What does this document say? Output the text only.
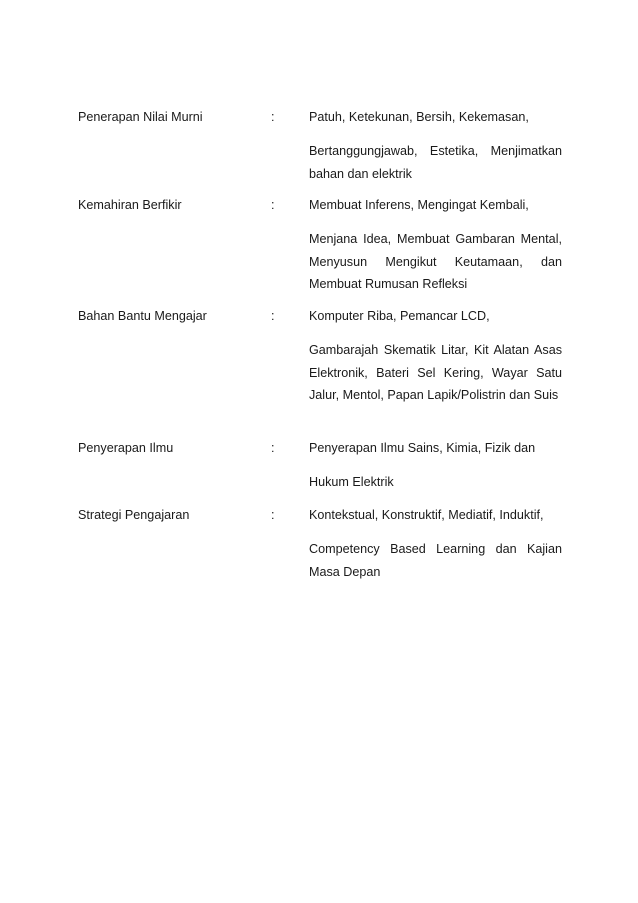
Penerapan Nilai Murni	:	Patuh, Ketekunan, Bersih, Kekemasan,
Bertanggungjawab, Estetika, Menjimatkan bahan dan elektrik
Kemahiran Berfikir	:	Membuat Inferens, Mengingat Kembali,
Menjana Idea, Membuat Gambaran Mental, Menyusun Mengikut Keutamaan, dan Membuat Rumusan Refleksi
Bahan Bantu Mengajar	:	Komputer Riba, Pemancar LCD,
Gambarajah Skematik Litar, Kit Alatan Asas Elektronik, Bateri Sel Kering, Wayar Satu Jalur, Mentol, Papan Lapik/Polistrin dan Suis
Penyerapan Ilmu	:	Penyerapan Ilmu Sains, Kimia, Fizik dan
Hukum Elektrik
Strategi Pengajaran	:	Kontekstual, Konstruktif, Mediatif, Induktif,
Competency Based Learning dan Kajian Masa Depan
